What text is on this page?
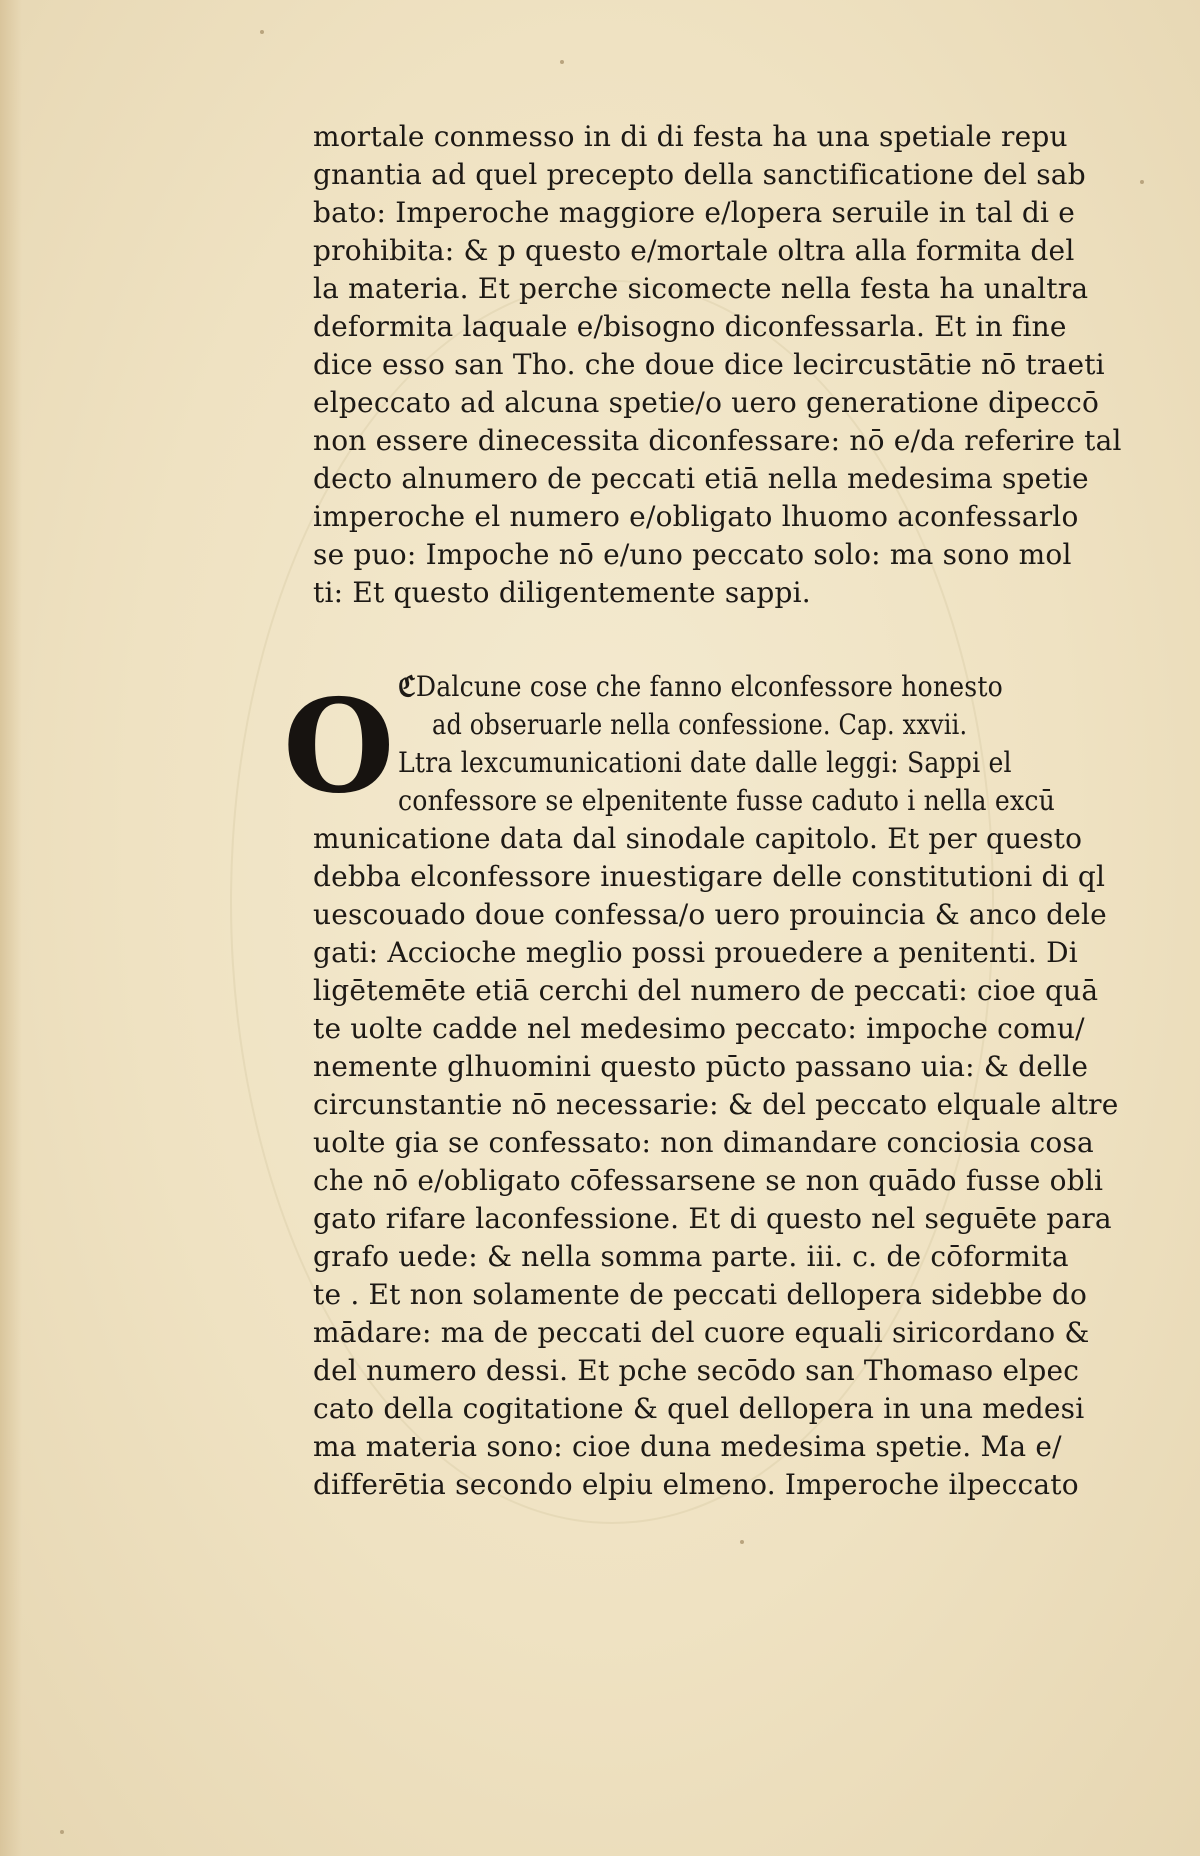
mortale conmesso in di di festa ha una spetiale repu
gnantia ad quel precepto della sanctificatione del sab
bato: Imperoche maggiore e/lopera seruile in tal di e
prohibita: & p questo e/mortale oltra alla formita del
la materia. Et perche sicomecte nella festa ha unaltra
deformita laquale e/bisogno diconfessarla. Et in fine
dice esso san Tho. che doue dice lecircustātie nō traeti
elpeccato ad alcuna spetie/o uero generatione dipeccō
non essere dinecessita diconfessare: nō e/da referire tal
decto alnumero de peccati etiā nella medesima spetie
imperoche el numero e/obligato lhuomo aconfessarlo
se puo: Impoche nō e/uno peccato solo: ma sono mol
ti: Et questo diligentemente sappi.
ℭDalcune cose che fanno elconfessore honesto
ad obseruarle nella confessione. Cap. xxvii.
O Ltra lexcumunicationi date dalle leggi: Sappi el
confessore se elpenitente fusse caduto i nella excū
municatione data dal sinodale capitolo. Et per questo
debba elconfessore inuestigare delle constitutioni di ql
uescouado doue confessa/o uero prouincia & anco dele
gati: Accioche meglio possi prouedere a penitenti. Di
ligētemēte etiā cerchi del numero de peccati: cioe quā
te uolte cadde nel medesimo peccato: impoche comu/
nemente glhuomini questo pūcto passano uia: & delle
circunstantie nō necessarie: & del peccato elquale altre
uolte gia se confessato: non dimandare conciosia cosa
che nō e/obligato cōfessarsene se non quādo fusse obli
gato rifare laconfessione. Et di questo nel seguēte para
grafo uede: & nella somma parte. iii. c. de cōformita
te . Et non solamente de peccati dellopera sidebbe do
mādare: ma de peccati del cuore equali siricordano &
del numero dessi. Et pche secōdo san Thomaso elpec
cato della cogitatione & quel dellopera in una medesi
ma materia sono: cioe duna medesima spetie. Ma e/
differētia secondo elpiu elmeno. Imperoche ilpeccato
